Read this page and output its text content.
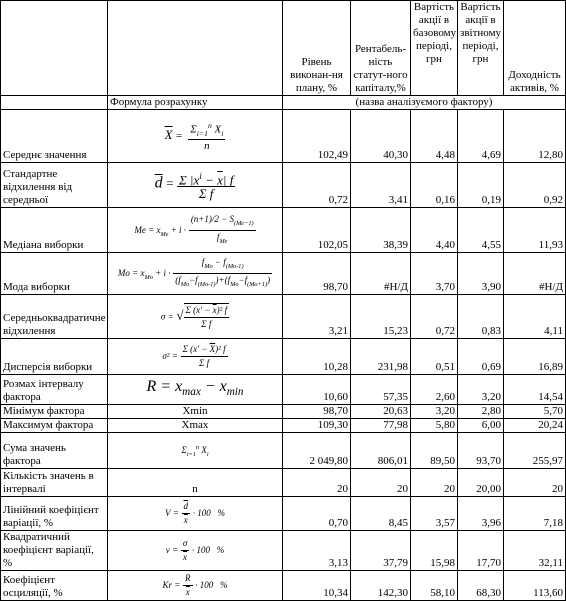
		Рівень виконан-ня плану, %	Рентабель-ність статут-ного капіталу,%	Вартість акції в базовому періоді, грн	Вартість акції в звітному періоді, грн	Доходність активів, %
	Формула розрахунку	(назва аналізуємого фактору)				
Середнє значення	$\overline{X} = \frac{\Sigma_{i=1}^n X_i}{n}$	102,49	40,30	4,48	4,69	12,80
Стандартне відхилення від середньої	$\overline{d} = \frac{\Sigma |x^i - \overline{x}| f}{\text{Σ f}}$	0,72	3,41	0,16	0,19	0,92
Медіана виборки	$Me = x_{Me} + i \cdot \frac{(n+1)/2 - S_{(Me-1)}}{f_{Me}}$	102,05	38,39	4,40	4,55	11,93
Мода виборки	$Mo = x_{Mo} + i \cdot \frac{f_{Mo} - f_{(Mo-1)}}{(f_{Mo}-f_{(Mo-1)})+(f_{Mo}-f_{(Mo+1)})}$	98,70	#Н/Д	3,70	3,90	#Н/Д
Середньоквадратичне відхилення	σ = √ $\frac{\Sigma (x' - \overline{x})^2 f}{\text{Σ f}}$	3,21	15,23	0,72	0,83	4,11
Дисперсія виборки	$\sigma^2 = \frac{\Sigma (x' - \overline{X})^2 f}{\text{Σ f}}$	10,28	231,98	0,51	0,69	16,89
Розмах інтервалу фактора	$R = x_{max} - x_{min}$	10,60	57,35	2,60	3,20	14,54
Мінімум фактора	Xmin	98,70	20,63	3,20	2,80	5,70
Максимум фактора	Xmax	109,30	77,98	5,80	6,00	20,24
Сума значень фактора	$\Sigma_{i=1}^n$ $X_i$	2 049,80	806,01	89,50	93,70	255,97
Кількість значень в інтервалі	n	20	20	20	20,00	20
Лінійний коефіцієнт варіації, %	$V = \frac{\overline{d}}{x} \cdot 100$   %	0,70	8,45	3,57	3,96	7,18
Квадратичний коефіцієнт варіації, %	$\nu = \frac{\sigma}{x} \cdot 100$   %	3,13	37,79	15,98	17,70	32,11
Коефіцієнт осциляції, %	$Kr = \frac{R}{x} \cdot 100$   %	10,34	142,30	58,10	68,30	113,60
